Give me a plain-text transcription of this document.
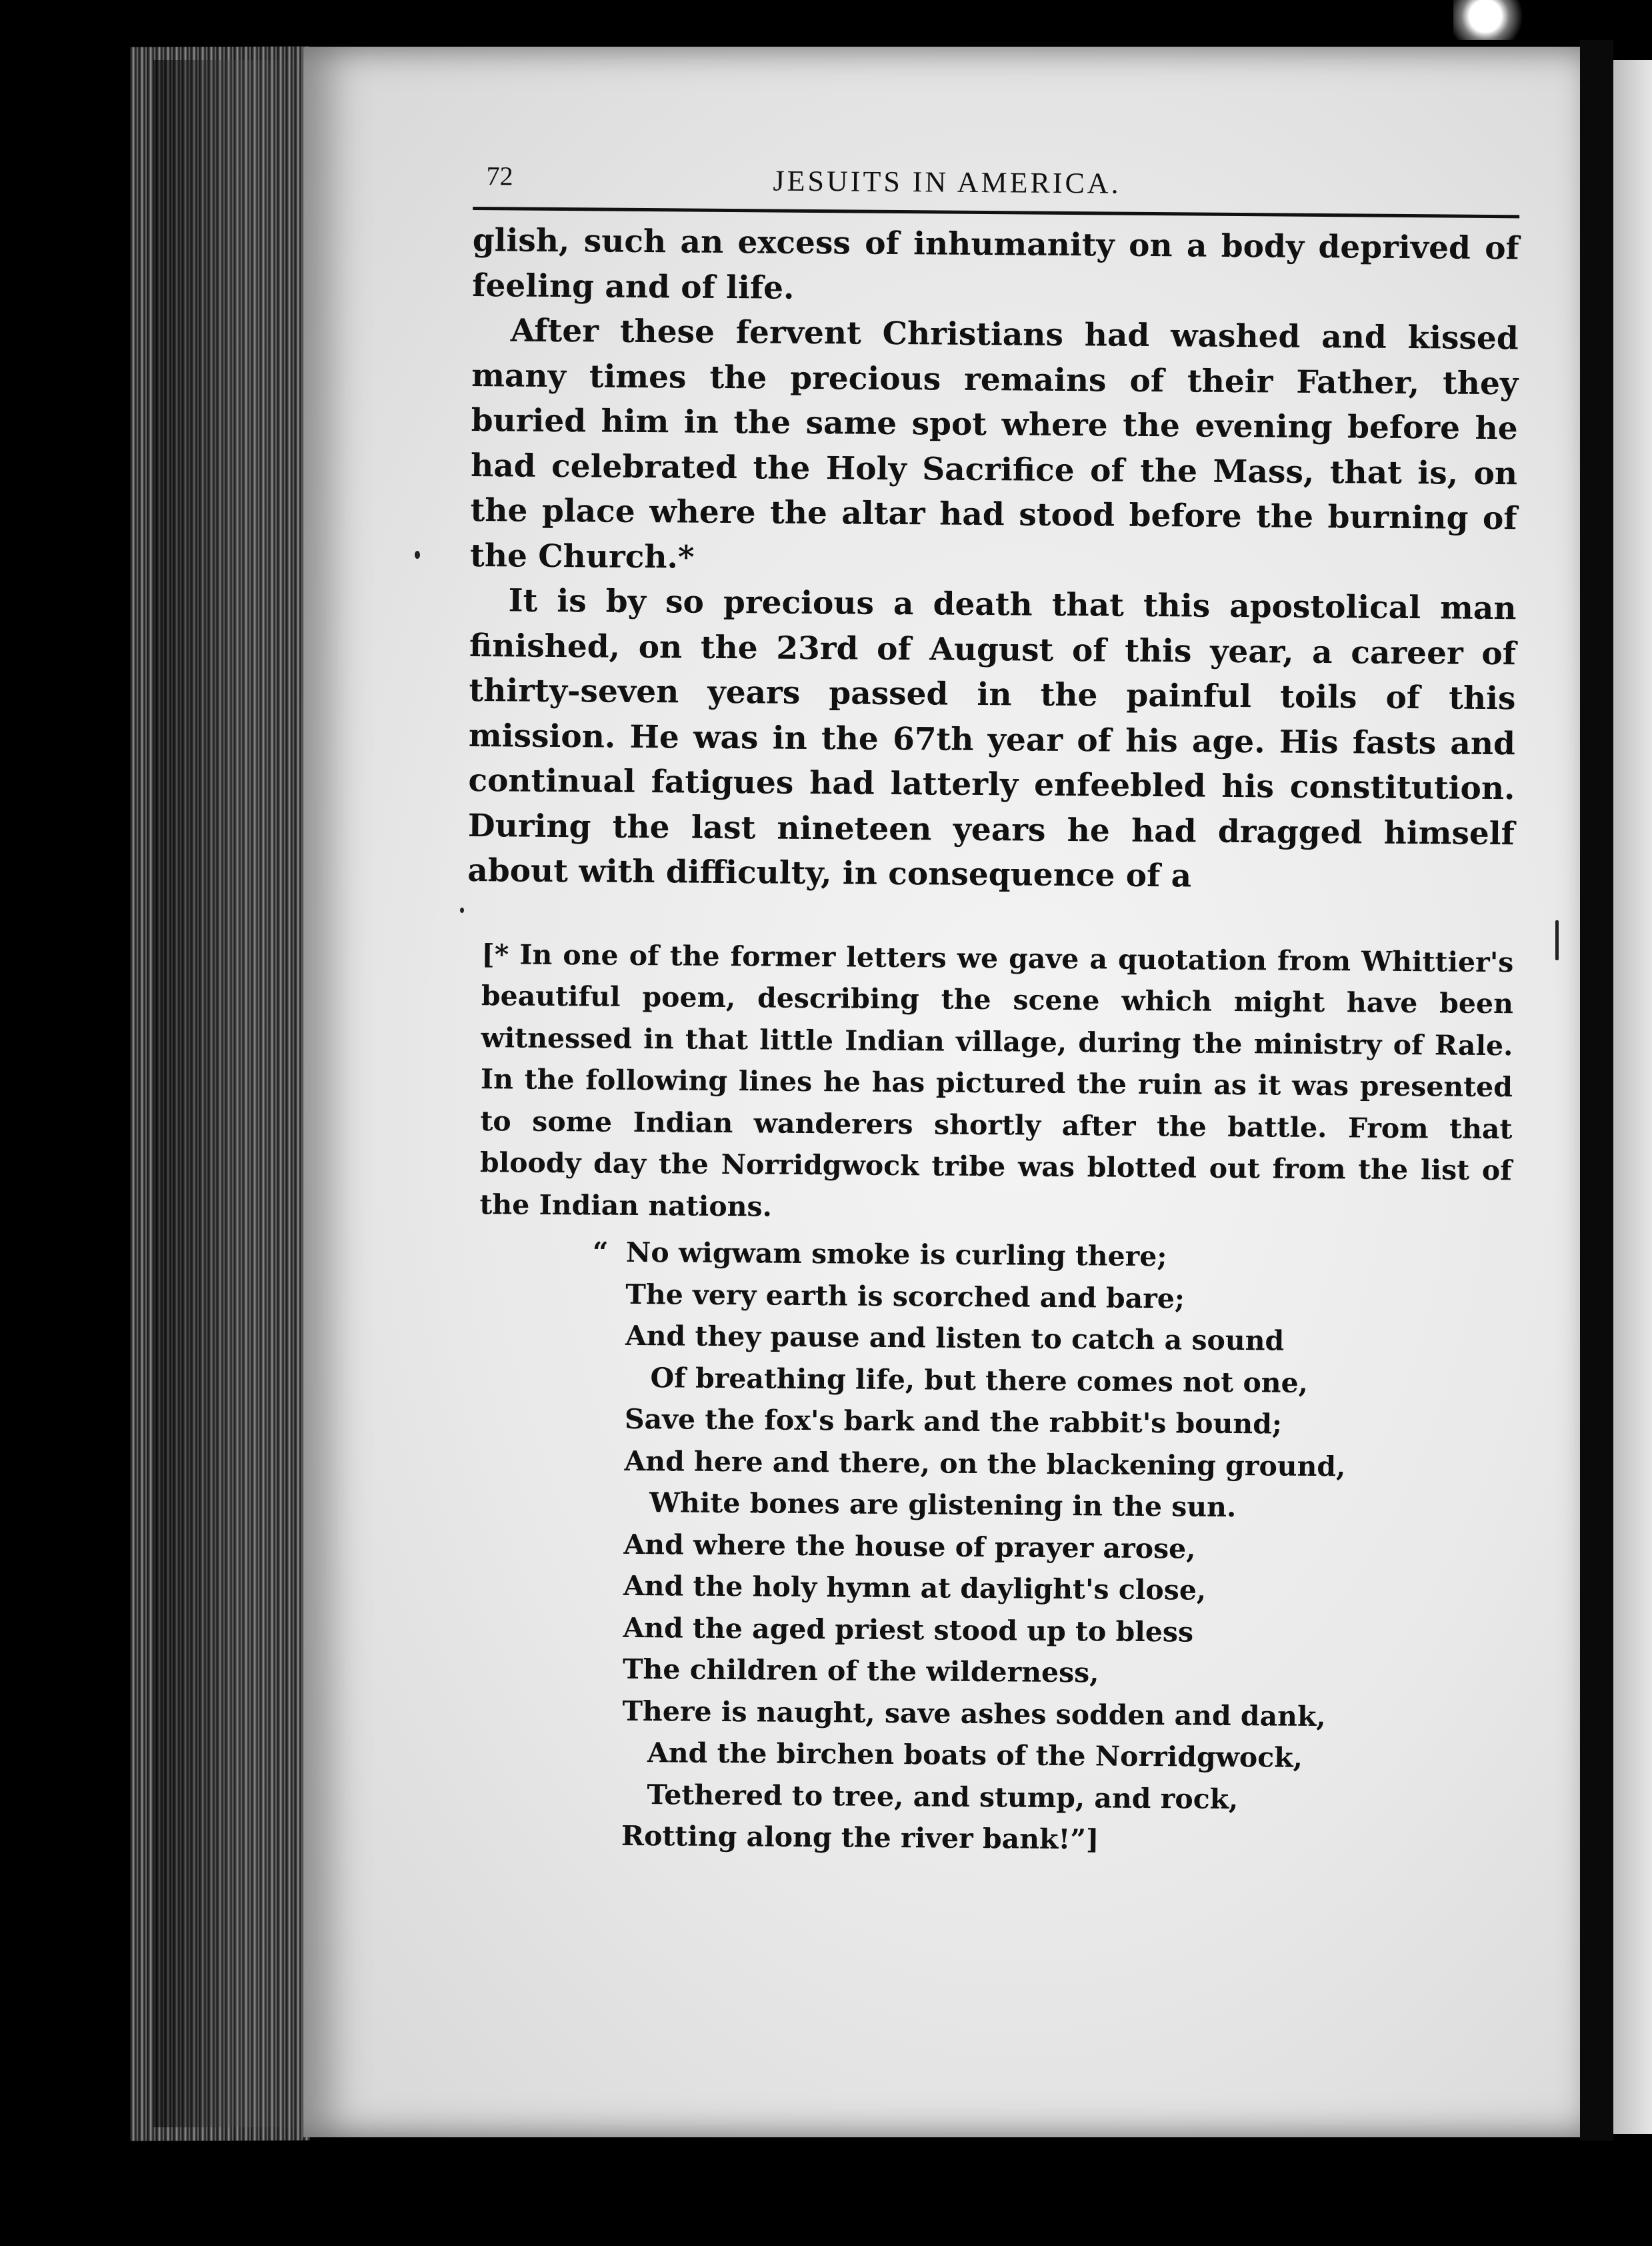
72	JESUITS IN AMERICA.

glish, such an excess of inhumanity on a body deprived of feeling and of life.

After these fervent Christians had washed and kissed many times the precious remains of their Father, they buried him in the same spot where the evening before he had celebrated the Holy Sacrifice of the Mass, that is, on the place where the altar had stood before the burning of the Church.*

It is by so precious a death that this apostolical man finished, on the 23rd of August of this year, a career of thirty-seven years passed in the painful toils of this mission. He was in the 67th year of his age. His fasts and continual fatigues had latterly enfeebled his constitution. During the last nineteen years he had dragged himself about with difficulty, in consequence of a

[* In one of the former letters we gave a quotation from Whittier's beautiful poem, describing the scene which might have been witnessed in that little Indian village, during the ministry of Rale. In the following lines he has pictured the ruin as it was presented to some Indian wanderers shortly after the battle. From that bloody day the Norridgwock tribe was blotted out from the list of the Indian nations.

“ No wigwam smoke is curling there;
The very earth is scorched and bare;
And they pause and listen to catch a sound
Of breathing life, but there comes not one,
Save the fox's bark and the rabbit's bound;
And here and there, on the blackening ground,
White bones are glistening in the sun.
And where the house of prayer arose,
And the holy hymn at daylight's close,
And the aged priest stood up to bless
The children of the wilderness,
There is naught, save ashes sodden and dank,
And the birchen boats of the Norridgwock,
Tethered to tree, and stump, and rock,
Rotting along the river bank!”]
